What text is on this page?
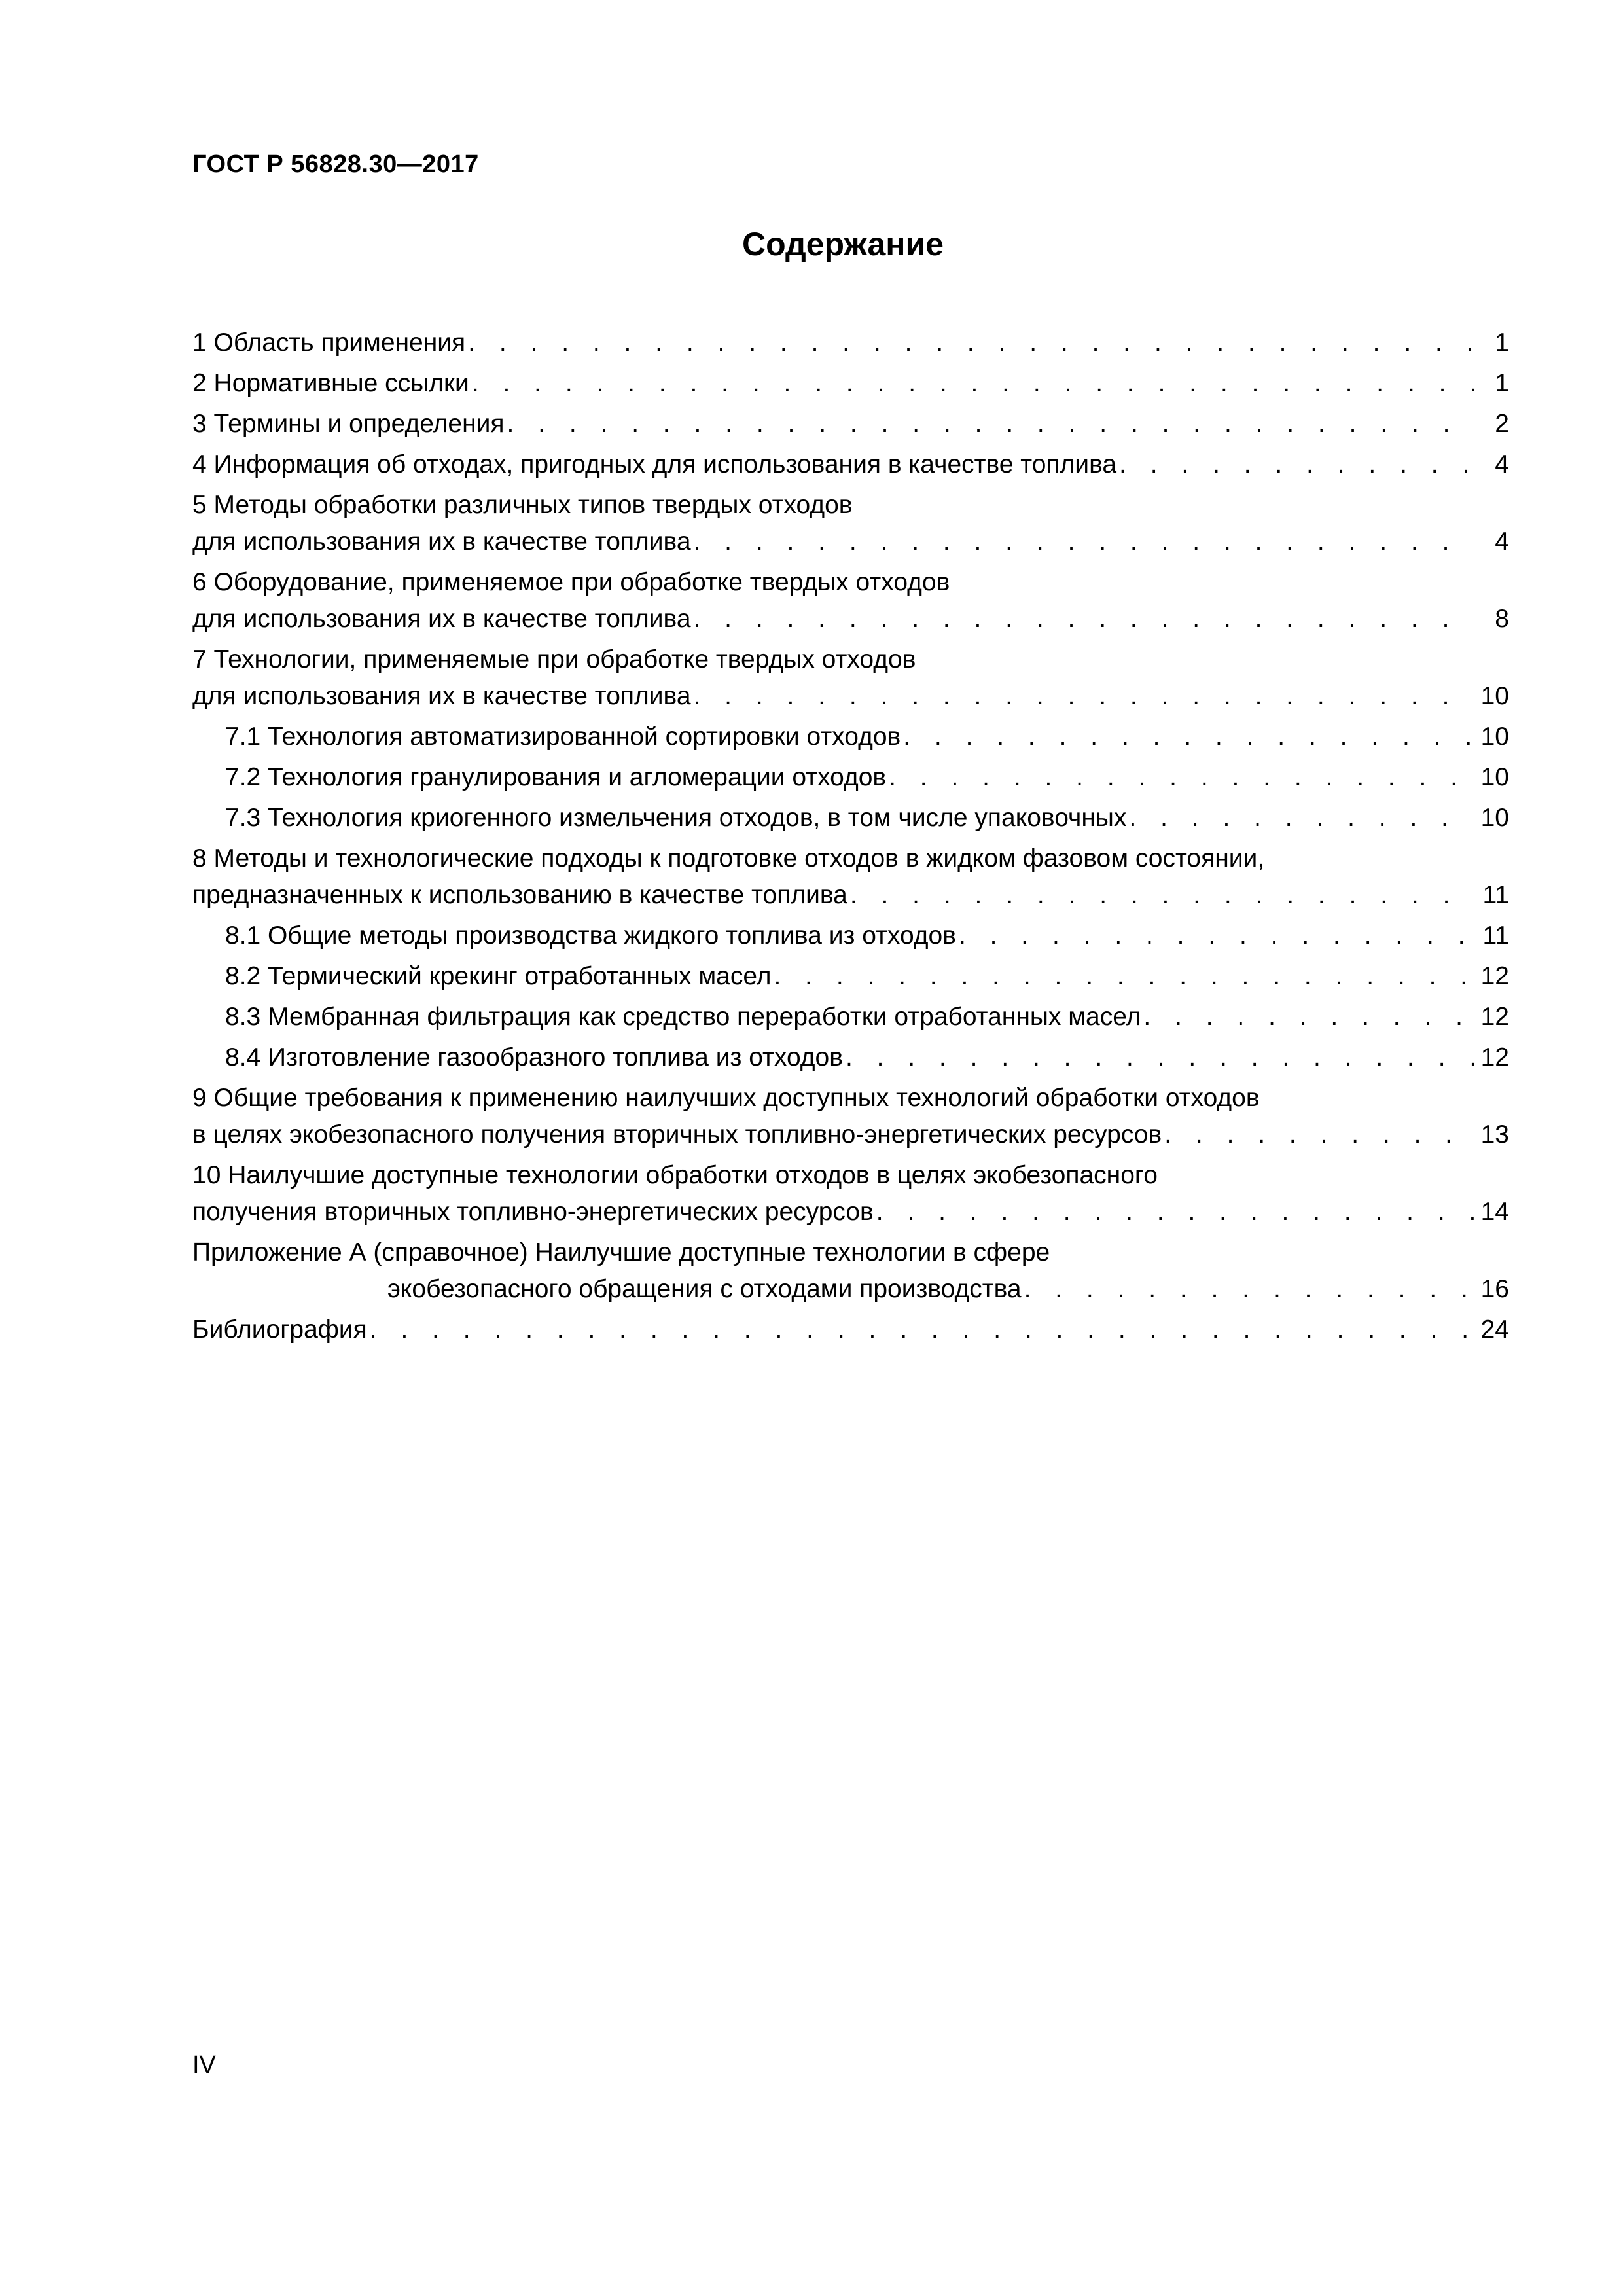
ГОСТ Р 56828.30—2017
Содержание
1 Область применения . . .	1
2 Нормативные ссылки . . .	1
3 Термины и определения . . .	2
4 Информация об отходах, пригодных для использования в качестве топлива . . .	4
5 Методы обработки различных типов твердых отходов
для использования их в качестве топлива . . .	4
6 Оборудование, применяемое при обработке твердых отходов
для использования их в качестве топлива . . .	8
7 Технологии, применяемые при обработке твердых отходов
для использования их в качестве топлива . . .	10
7.1 Технология автоматизированной сортировки отходов . . .	10
7.2 Технология гранулирования и агломерации отходов . . .	10
7.3 Технология криогенного измельчения отходов, в том числе упаковочных . . .	10
8 Методы и технологические подходы к подготовке отходов в жидком фазовом состоянии,
предназначенных к использованию в качестве топлива . . .	11
8.1 Общие методы производства жидкого топлива из отходов . . .	11
8.2 Термический крекинг отработанных масел . . .	12
8.3 Мембранная фильтрация как средство переработки отработанных масел . . .	12
8.4 Изготовление газообразного топлива из отходов . . .	12
9 Общие требования к применению наилучших доступных технологий обработки отходов
в целях экобезопасного получения вторичных топливно-энергетических ресурсов . . .	13
10 Наилучшие доступные технологии обработки отходов в целях экобезопасного
получения вторичных топливно-энергетических ресурсов . . .	14
Приложение А (справочное) Наилучшие доступные технологии в сфере
экобезопасного обращения с отходами производства . . .	16
Библиография . . .	24
IV
